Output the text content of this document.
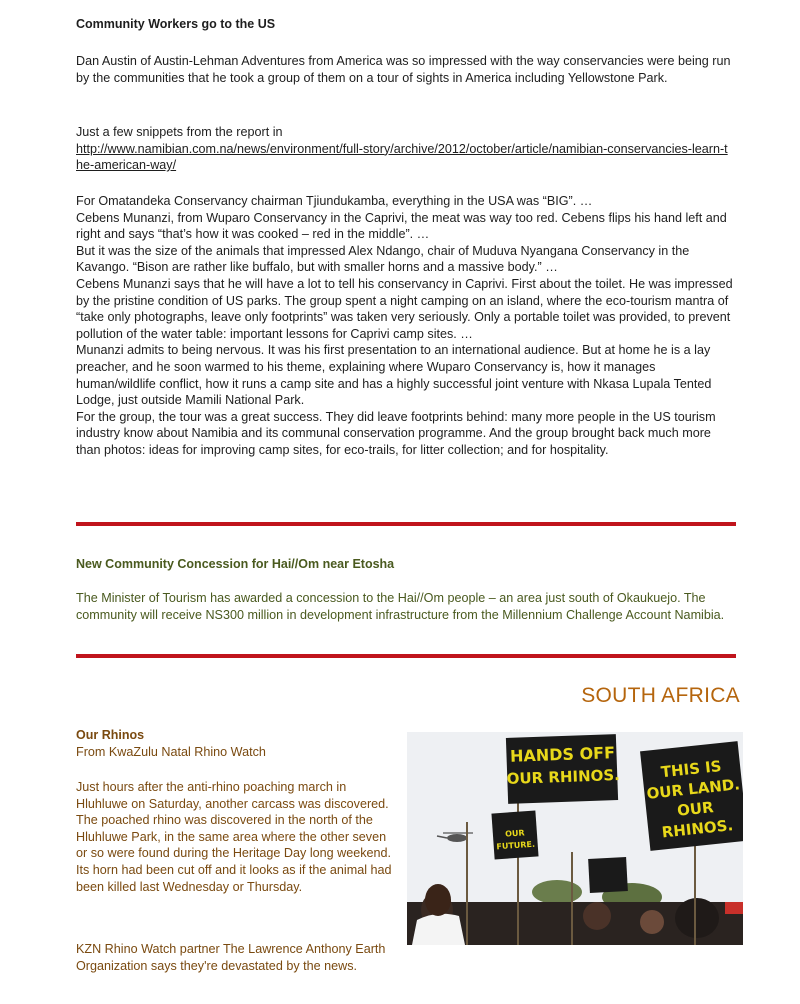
Community Workers go to the US
Dan Austin of Austin-Lehman Adventures from America was so impressed with the way conservancies were being run by the communities that he took a group of them on a tour of sights in America including Yellowstone Park.
Just a few snippets from the report in
http://www.namibian.com.na/news/environment/full-story/archive/2012/october/article/namibian-conservancies-learn-the-american-way/
For Omatandeka Conservancy chairman Tjiundukamba, everything in the USA was “BIG”. …
Cebens Munanzi, from Wuparo Conservancy in the Caprivi, the meat was way too red. Cebens flips his hand left and right and says “that’s how it was cooked – red in the middle”. …
But it was the size of the animals that impressed Alex Ndango, chair of Muduva Nyangana Conservancy in the Kavango. “Bison are rather like buffalo, but with smaller horns and a massive body.” …
Cebens Munanzi says that he will have a lot to tell his conservancy in Caprivi. First about the toilet. He was impressed by the pristine condition of US parks. The group spent a night camping on an island, where the eco-tourism mantra of “take only photographs, leave only footprints” was taken very seriously. Only a portable toilet was provided, to prevent pollution of the water table: important lessons for Caprivi camp sites. …
Munanzi admits to being nervous. It was his first presentation to an international audience. But at home he is a lay preacher, and he soon warmed to his theme, explaining where Wuparo Conservancy is, how it manages human/wildlife conflict, how it runs a camp site and has a highly successful joint venture with Nkasa Lupala Tented Lodge, just outside Mamili National Park.
For the group, the tour was a great success. They did leave footprints behind: many more people in the US tourism industry know about Namibia and its communal conservation programme. And the group brought back much more than photos: ideas for improving camp sites, for eco-trails, for litter collection; and for hospitality.
New Community Concession for Hai//Om near Etosha
The Minister of Tourism has awarded a concession to the Hai//Om people – an area just south of Okaukuejo. The community will receive NS300 million in development infrastructure from the Millennium Challenge Account Namibia.
SOUTH AFRICA
Our Rhinos
From KwaZulu Natal Rhino Watch
Just hours after the anti-rhino poaching march in Hluhluwe on Saturday, another carcass was discovered. The poached rhino was discovered in the north of the Hluhluwe Park, in the same area where the other seven or so were found during the Heritage Day long weekend. Its horn had been cut off and it looks as if the animal had been killed last Wednesday or Thursday.
KZN Rhino Watch partner The Lawrence Anthony Earth Organization says they're devastated by the news.
HANDS OFF
OUR RHINOS.	THIS IS
OUR LAND.
OUR
RHINOS.
OUR
FUTURE.
